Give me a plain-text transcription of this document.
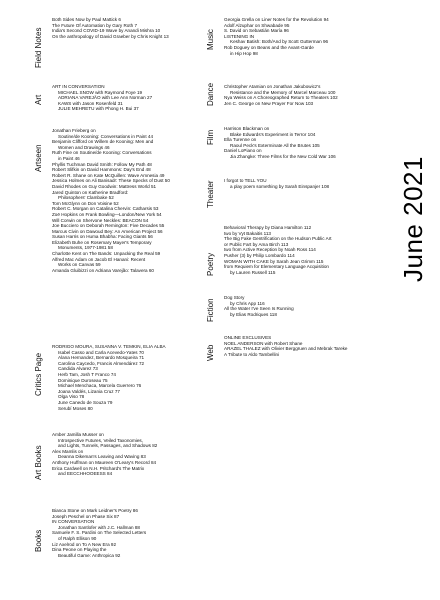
Field Notes
Both Sides Now by Paul Mattick 6
The Future Of Automation by Gary Roth 7
India's Second COVID-19 Wave by Anandi Mishra 10
On the anthropology of David Graeber by Chris Knight 13
Art
ART IN CONVERSATION
MICHAEL SNOW with Raymond Foye 19
ADRIANA VAREJÃO with Lee Ann Norman 27
KAWS with Jason Rosenfeld 31
JULIE MEHRETU with Phong H. Bui 37
Artseen
Jonathan Frieberg on
Soutine/de Kooning: Conversations in Paint 44
Benjamin Clifford on Willem de Kooning: Men and
Women and Drawings 46
Ruth Fine on Soutine/de Kooning: Conversations
in Paint 46
Phyllis Tuchman David Smith: Follow My Path 48
Robert Slifkin on David Hammons: Day's End 48
Robert R. Shane on Kate McQuillen: Wave Amnesia 49
Jessica Holmes on Ali Banisadr: These Specks of Dust 50
David Rhodes on Guy Goodwin: Mattress World 51
Jared Quinton on Katherine Bradford:
Philosophers' Clambake 52
Tom McGlynn on Don Voisine 52
Robert C. Morgan on Catalina Chervin: Catharsis 53
Zoë Hopkins on Frank Bowling—London/New York 54
Will Corwin on Shervone Neckles: BEACON 54
Joe Bucciero on Deborah Remington: Five Decades 55
Marcus Civin on Dawoud Bey: An American Project 56
Susan Harris on Huma Bhabha: Facing Giants 56
Elizabeth Buhe on Rosemary Mayer's Temporary
Monuments, 1977-1981 58
Charlotte Kent on The Bands: Unpacking the Real 59
Alfred Mac Adam on Jacob El Hanani: Recent
Works on Canvas 59
Amanda Gluibizzi on Adriana Varejão: Talavera 60
Critics Page
RODRIGO MOURA, SUSANNA V. TEMKIN, ELIA ALBA
Isabel Casso and Carla Acevedo-Yates 70
Alana Hernandez, Bernardo Mosqueira 71
Carolina Caycedo, Francis Almendárez 72
Candida Alvarez 73
Herb Tam, Josh T Franco 74
Dominique Duroseau 75
Michael Menchaca, Marcela Guerrero 76
Joana Valdés, Lizania Cruz 77
Olga Viso 78
June Canedo de Souza 79
Serubí Moses 80
Art Books
Amber Jamilla Musser on
Introspective Futures, Veiled Taxonomies,
and Lights, Tunnels, Passages, and Shadows 82
Alex Mamlis on
Deanna Dikeman's Leaving and Waving 83
Anthony Huffman on Maureen O'Leary's Record 84
Erica Cardwell on N.H. Pritchard's The Matrix
and EECCHHOOEESS 84
Books
Bianca Stone on Mark Leidner's Poetry 86
Joseph Peschel on Phase Six 87
IN CONVERSATION
Jonathan Santlofer with J.C. Hallman 88
Samuele F. S. Pardini on The Selected Letters
of Ralph Ellison 90
Liz Axelrod on To A New Era 92
Dina Peone on Playing the
Beautiful Game: Anthropica 92
Music
Georgia Grella on Liner Notes for the Revolution 94
Adolf Alzuphar on Shwabade 95
S. David on Sebastián María 96
LISTENING IN
Keshav Batish: Both/And by Scott Gutterman 96
Rob Doguey on Beans and the Avant-Garde
in Hip Hop 98
Dance Christopher Atamian on Jonathan Jakubowicz's
Resistance and the Memory of Marcel Marceau 100
Nya Weiss on A Choreographed Return to Theaters 102
Jen C. George on New Prayer For Now 103
Film
Harrison Blackman on
Blake Edwards's Experiment in Terror 104
Ella Turenne on
Raoul Peck's Exterminate All the Brutes 105
Daniel LoPiano on
Jia Zhangke: Three Films for the New Cold War 106
Theater I forgot to TELL YOU
a play poem something by Sarah Einspanjer 108
Poetry
Behavioral Therapy by Diana Hamilton 112
two by Vyt Bakaitis 113
The Big Fake Gentrification on the Hudson Public Art
or Public Fart by Ama Birch 113
two from Active Reception by Noah Ross 114
Pusher (3) by Philip Lombardo 114
WOMAN WITH CAKE by Sarah Jean Grimm 115
from Requiem for Elementary Language Acquisition
by Lauren Russell 115
Fiction
Dog Story
by Chris App 116
All the Water I've Seen Is Running
by Elias Rodriques 118
Web
ONLINE EXCLUSIVES
NOEL ANDERSON with Robert Shane
ARAZEL THALEZ with Olivier Berggruen and Mebrak Tareke
A Tribute to Aldo Tambellini
June 2021
